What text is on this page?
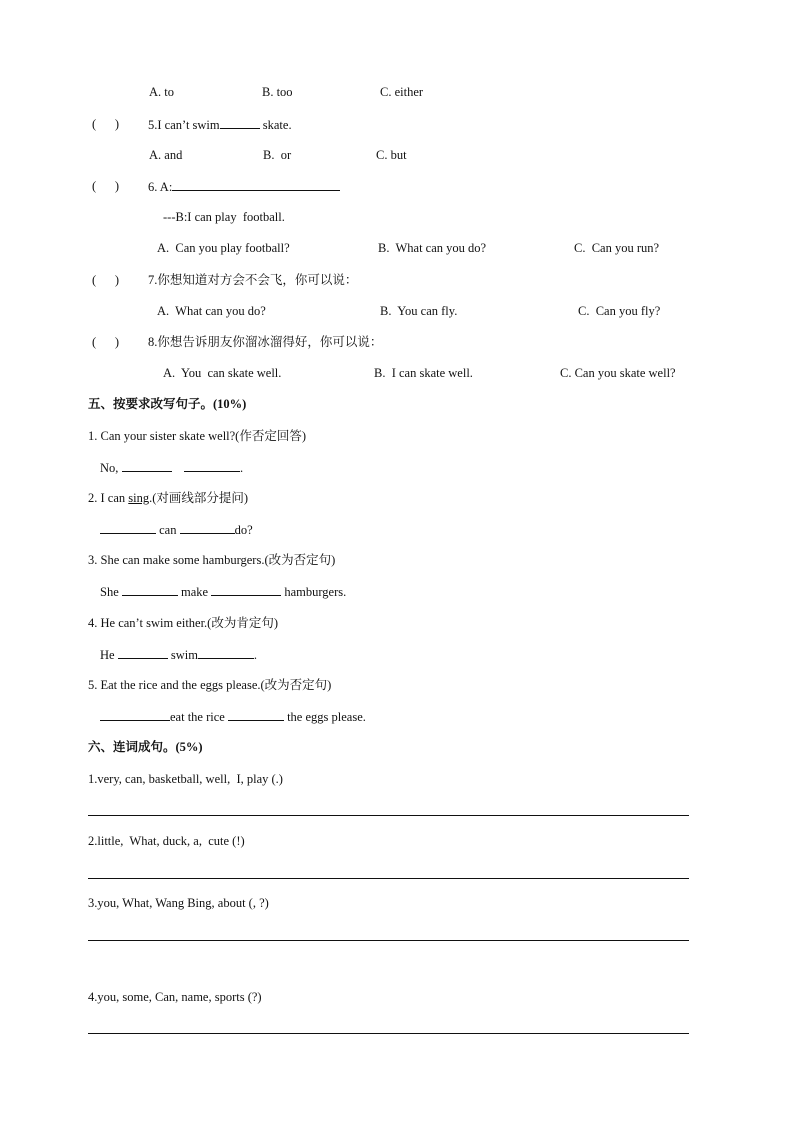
A. to	B. too	C. either
(      ) 5.I can’t swim	skate.
A. and	B.  or	C. but
(      ) 6. A:
---B:I can play  football.
A.  Can you play football?	B.  What can you do?	C.  Can you run?
(      ) 7.你想知道对方会不会飞，你可以说：
A.  What can you do?	B.  You can fly.	C.  Can you fly?
(      ) 8.你想告诉朋友你溜冰溜得好，你可以说：
A.  You  can skate well.	B.  I can skate well.	C. Can you skate well?
五、按要求改写句子。(10%)
1. Can your sister skate well?(作否定回答)
No,	.
2. I can sing.(对画线部分提问)
can	do?
3. She can make some hamburgers.(改为否定句)
She	make	hamburgers.
4. He can’t swim either.(改为肯定句)
He	swim	.
5. Eat the rice and the eggs please.(改为否定句)
eat the rice	the eggs please.
六、连词成句。(5%)
1.very, can, basketball, well,  I, play (.)
2.little,  What, duck, a,  cute (!)
3.you, What, Wang Bing, about (, ?)
4.you, some, Can, name, sports (?)
